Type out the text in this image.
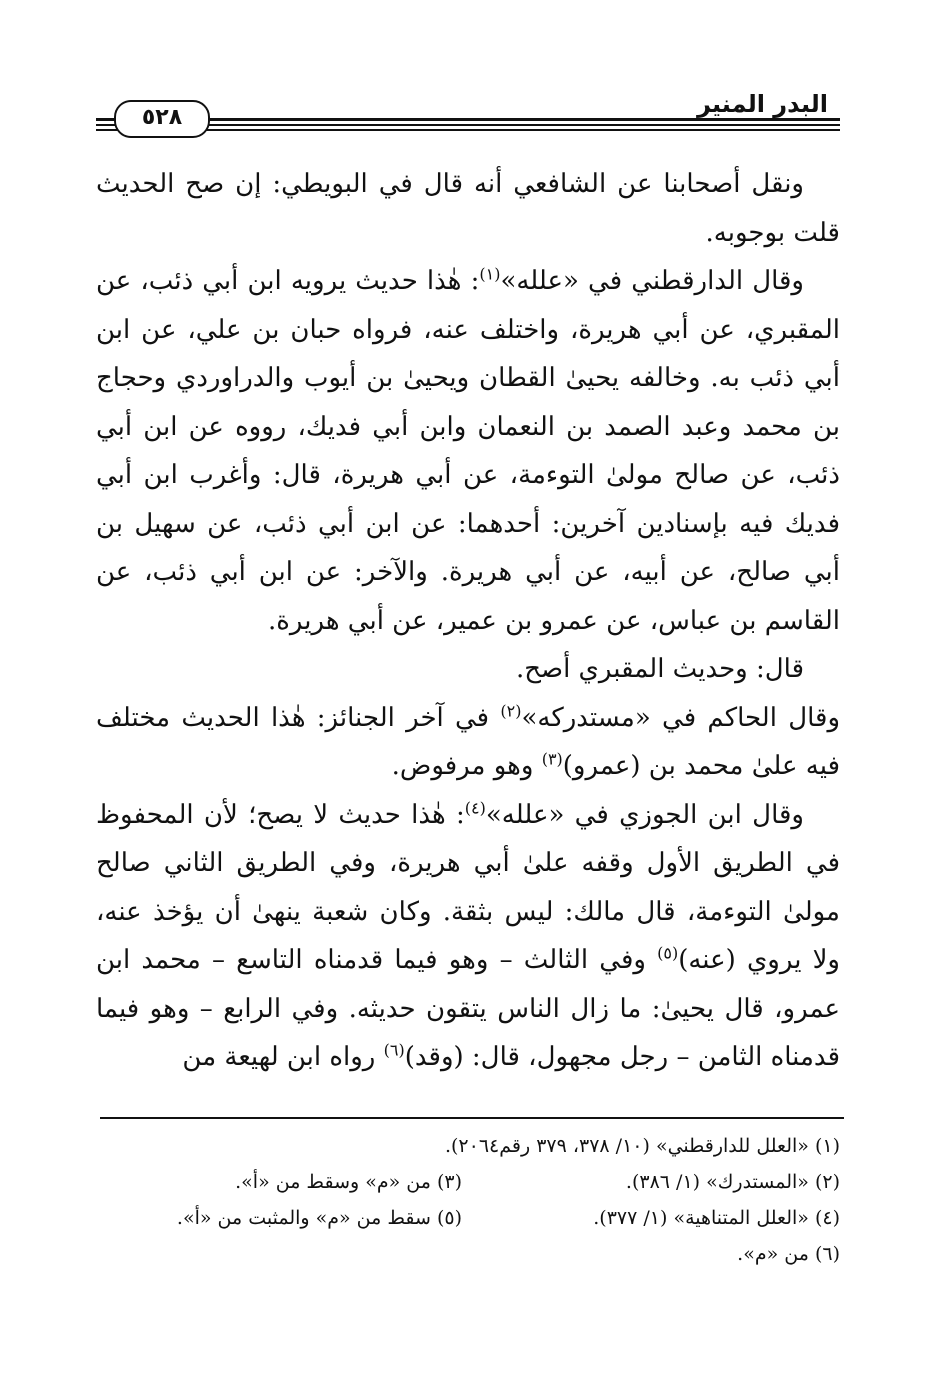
البدر المنير
٥٢٨

ونقل أصحابنا عن الشافعي أنه قال في البويطي: إن صح الحديث قلت بوجوبه.

وقال الدارقطني في «علله»$^{(١)}$: هٰذا حديث يرويه ابن أبي ذئب، عن المقبري، عن أبي هريرة، واختلف عنه، فرواه حبان بن علي، عن ابن أبي ذئب به. وخالفه يحيىٰ القطان ويحيىٰ بن أيوب والدراوردي وحجاج بن محمد وعبد الصمد بن النعمان وابن أبي فديك، رووه عن ابن أبي ذئب، عن صالح مولىٰ التوءمة، عن أبي هريرة، قال: وأغرب ابن أبي فديك فيه بإسنادين آخرين: أحدهما: عن ابن أبي ذئب، عن سهيل بن أبي صالح، عن أبيه، عن أبي هريرة. والآخر: عن ابن أبي ذئب، عن القاسم بن عباس، عن عمرو بن عمير، عن أبي هريرة.

قال: وحديث المقبري أصح.

وقال الحاكم في «مستدركه»$^{(٢)}$ في آخر الجنائز: هٰذا الحديث مختلف فيه علىٰ محمد بن (عمرو)$^{(٣)}$ وهو مرفوض.

وقال ابن الجوزي في «علله»$^{(٤)}$: هٰذا حديث لا يصح؛ لأن المحفوظ في الطريق الأول وقفه علىٰ أبي هريرة، وفي الطريق الثاني صالح مولىٰ التوءمة، قال مالك: ليس بثقة. وكان شعبة ينهىٰ أن يؤخذ عنه، ولا يروي (عنه)$^{(٥)}$ وفي الثالث – وهو فيما قدمناه التاسع – محمد ابن عمرو، قال يحيىٰ: ما زال الناس يتقون حديثه. وفي الرابع – وهو فيما قدمناه الثامن – رجل مجهول، قال: (وقد)$^{(٦)}$ رواه ابن لهيعة من

(١) «العلل للدارقطني» (١٠/ ٣٧٨، ٣٧٩ رقم٢٠٦٤).
(٢) «المستدرك» (١/ ٣٨٦).
(٣) من «م» وسقط من «أ».
(٤) «العلل المتناهية» (١/ ٣٧٧).
(٥) سقط من «م» والمثبت من «أ».
(٦) من «م».
